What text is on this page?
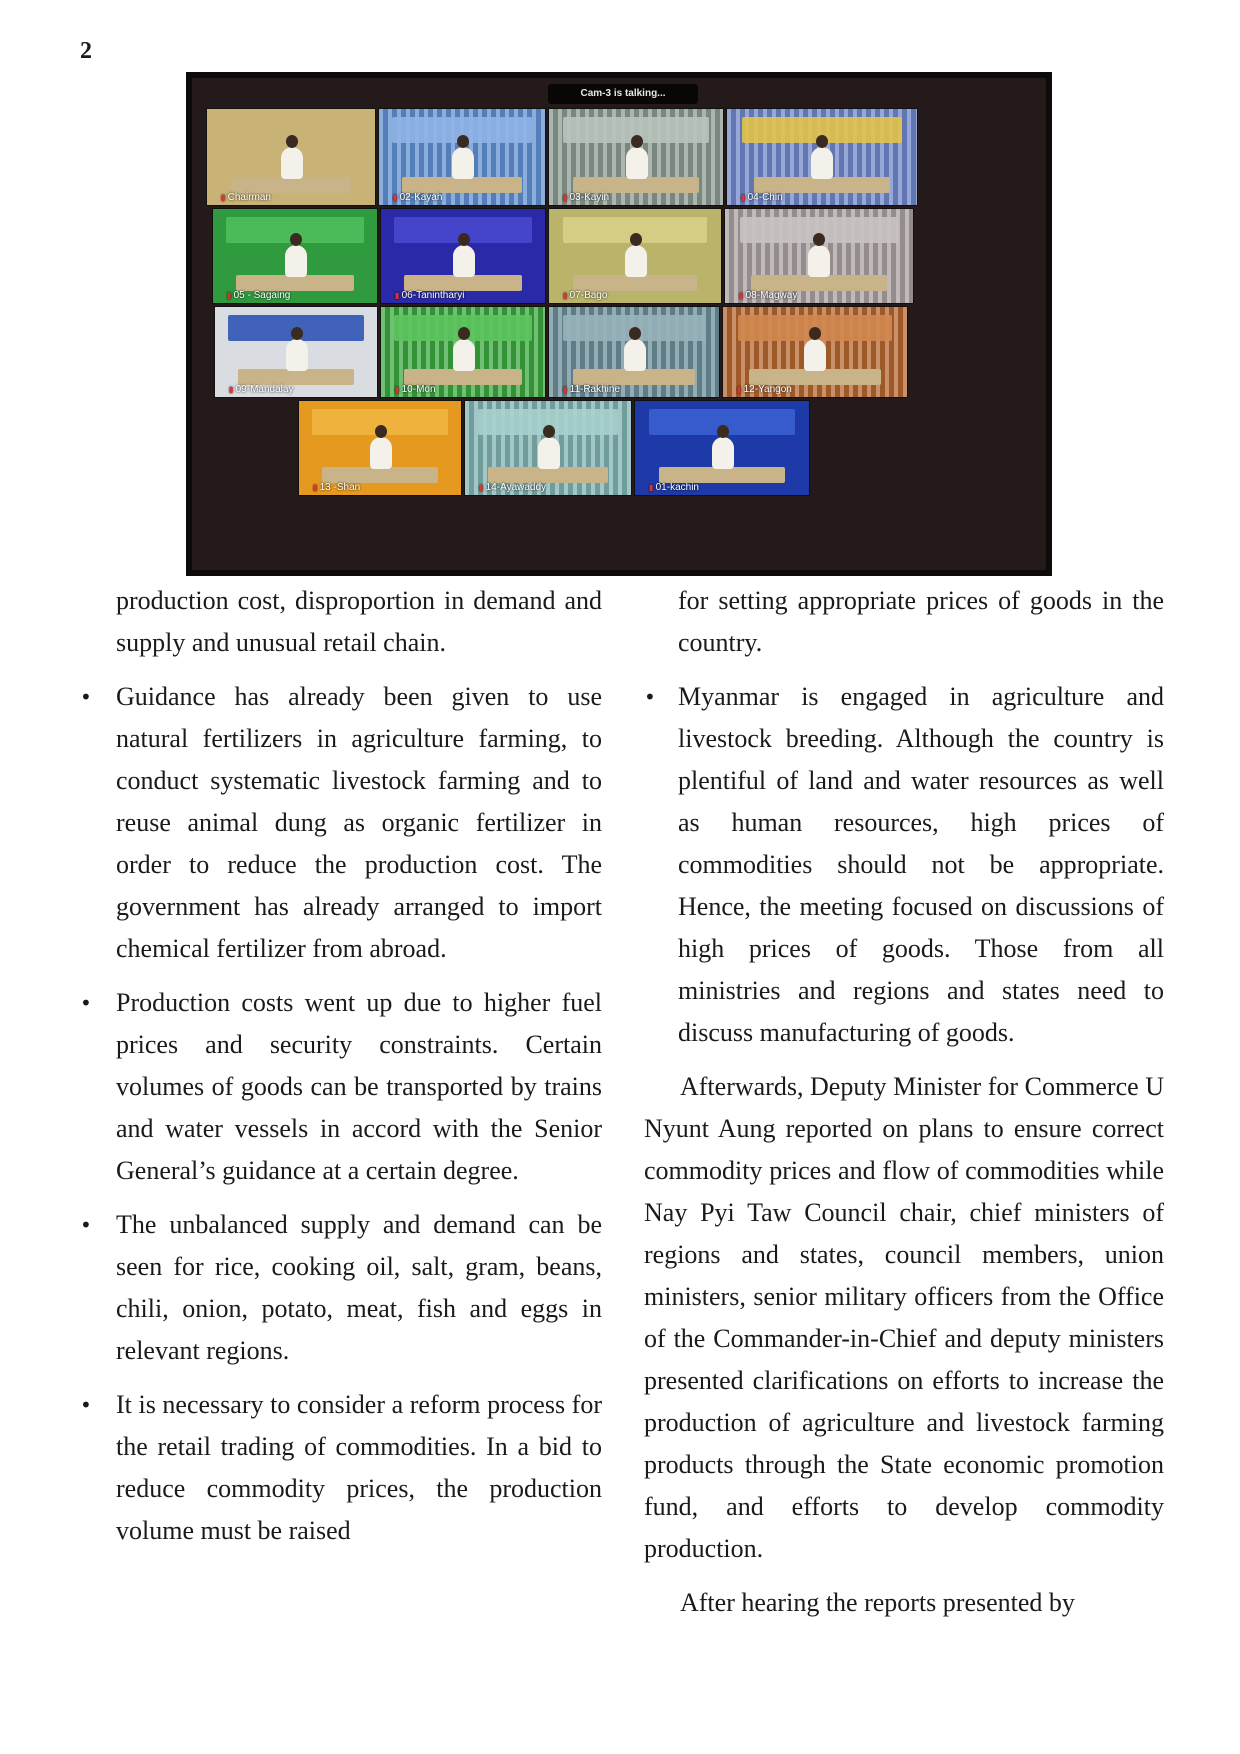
2
Cam-3 is talking...
▮ Chairman	▮ 02-Kayah	▮ 03-Kayin	▮ 04-Chin
▮ 05 - Sagaing	▮ 06-Tanintharyi	▮ 07-Bago	▮ 08-Magway
▮ 09-Mandalay	▮ 10-Mon	▮ 11-Rakhine	▮ 12-Yangon
▮ 13 -Shan	▮ 14-Ayawaddy	▮ 01-kachin

production cost, disproportion in demand and supply and unusual retail chain.

• Guidance has already been given to use natural fertilizers in agriculture farming, to conduct systematic livestock farming and to reuse animal dung as organic fertilizer in order to reduce the production cost. The government has already arranged to import chemical fertilizer from abroad.

• Production costs went up due to higher fuel prices and security constraints. Certain volumes of goods can be transported by trains and water vessels in accord with the Senior General’s guidance at a certain degree.

• The unbalanced supply and demand can be seen for rice, cooking oil, salt, gram, beans, chili, onion, potato, meat, fish and eggs in relevant regions.

• It is necessary to consider a reform process for the retail trading of commodities. In a bid to reduce commodity prices, the production volume must be raised

for setting appropriate prices of goods in the country.

• Myanmar is engaged in agriculture and livestock breeding. Although the country is plentiful of land and water resources as well as human resources, high prices of commodities should not be appropriate. Hence, the meeting focused on discussions of high prices of goods. Those from all ministries and regions and states need to discuss manufacturing of goods.

Afterwards, Deputy Minister for Commerce U Nyunt Aung reported on plans to ensure correct commodity prices and flow of commodities while Nay Pyi Taw Council chair, chief ministers of regions and states, council members, union ministers, senior military officers from the Office of the Commander-in-Chief and deputy ministers presented clarifications on efforts to increase the production of agriculture and livestock farming products through the State economic promotion fund, and efforts to develop commodity production.

After hearing the reports presented by
